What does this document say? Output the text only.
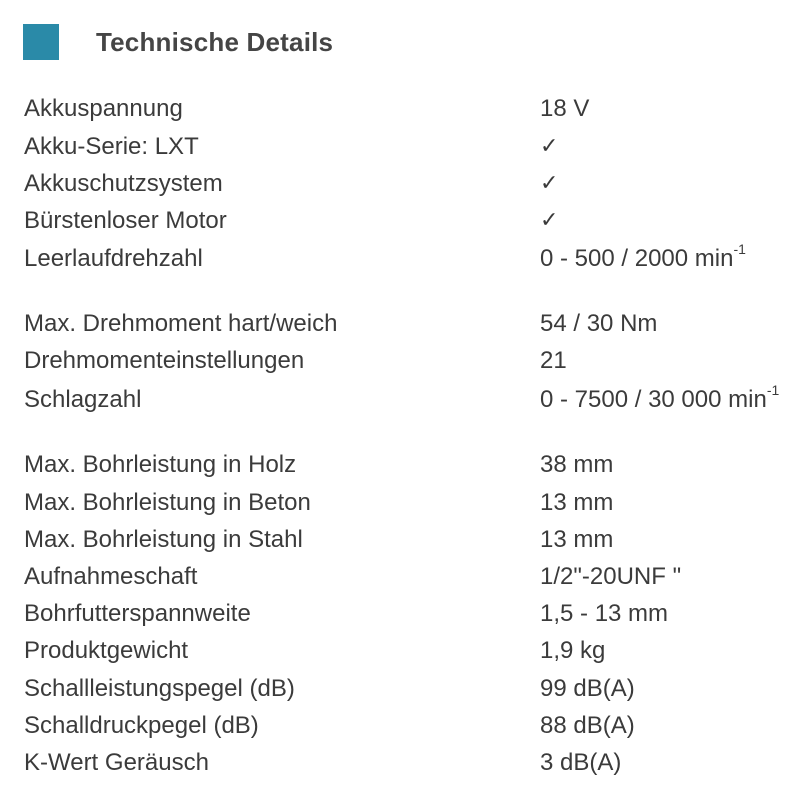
Technische Details
Akkuspannung	18 V
Akku-Serie: LXT	✓
Akkuschutzsystem	✓
Bürstenloser Motor	✓
Leerlaufdrehzahl	0 - 500 / 2000 $\min^{-1}$
Max. Drehmoment hart/weich	54 / 30 Nm
Drehmomenteinstellungen	21
Schlagzahl	0 - 7500 / 30 000 $\min^{-1}$
Max. Bohrleistung in Holz	38 mm
Max. Bohrleistung in Beton	13 mm
Max. Bohrleistung in Stahl	13 mm
Aufnahmeschaft	1/2"-20UNF "
Bohrfutterspannweite	1,5 - 13 mm
Produktgewicht	1,9 kg
Schallleistungspegel (dB)	99 dB(A)
Schalldruckpegel (dB)	88 dB(A)
K-Wert Geräusch	3 dB(A)
